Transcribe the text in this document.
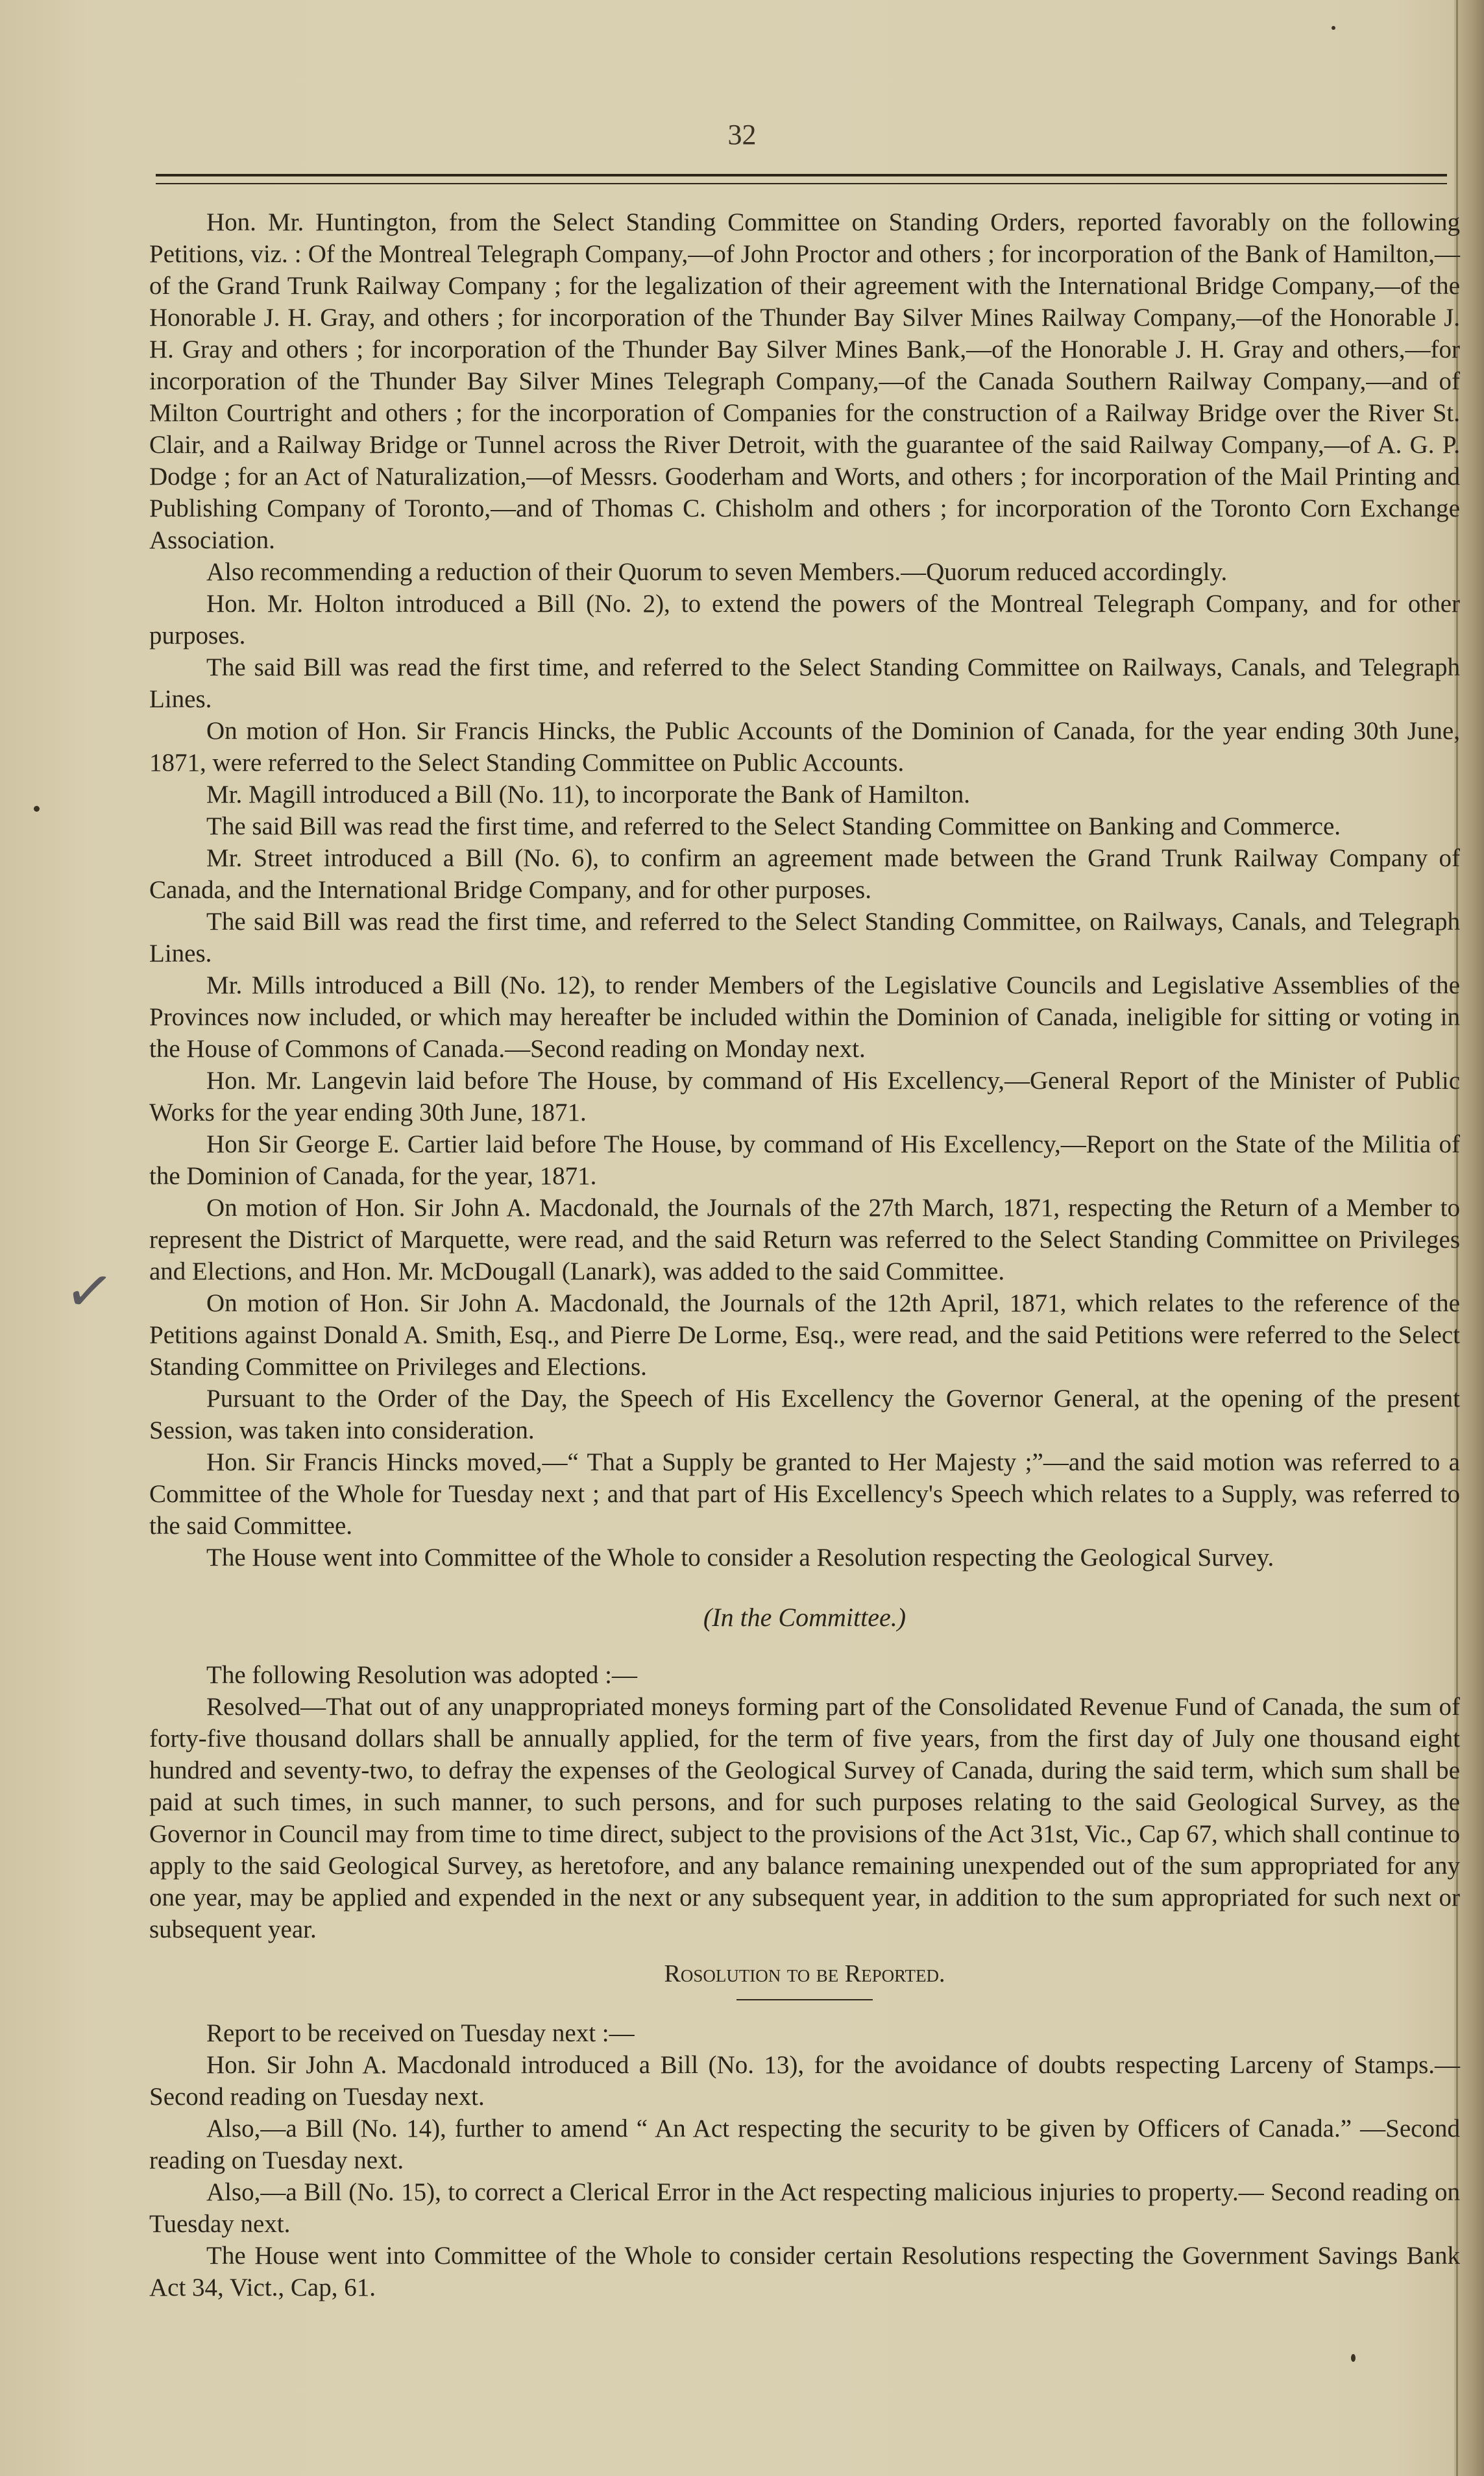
32
✓

Hon. Mr. Huntington, from the Select Standing Committee on Standing Orders, reported favorably on the following Petitions, viz. : Of the Montreal Telegraph Company,—of John Proctor and others ; for incorporation of the Bank of Hamilton,—of the Grand Trunk Railway Company ; for the legalization of their agreement with the International Bridge Company,—of the Honorable J. H. Gray, and others ; for incorporation of the Thunder Bay Silver Mines Railway Company,—of the Honorable J. H. Gray and others ; for incorporation of the Thunder Bay Silver Mines Bank,—of the Honorable J. H. Gray and others,—for incorporation of the Thunder Bay Silver Mines Telegraph Company,—of the Canada Southern Railway Company,—and of Milton Courtright and others ; for the incorporation of Companies for the construction of a Railway Bridge over the River St. Clair, and a Railway Bridge or Tunnel across the River Detroit, with the guarantee of the said Railway Company,—of A. G. P. Dodge ; for an Act of Naturalization,—of Messrs. Gooderham and Worts, and others ; for incorporation of the Mail Printing and Publishing Company of Toronto,—and of Thomas C. Chisholm and others ; for incorporation of the Toronto Corn Exchange Association.

Also recommending a reduction of their Quorum to seven Members.—Quorum reduced accordingly.

Hon. Mr. Holton introduced a Bill (No. 2), to extend the powers of the Montreal Telegraph Company, and for other purposes.

The said Bill was read the first time, and referred to the Select Standing Committee on Railways, Canals, and Telegraph Lines.

On motion of Hon. Sir Francis Hincks, the Public Accounts of the Dominion of Canada, for the year ending 30th June, 1871, were referred to the Select Standing Committee on Public Accounts.

Mr. Magill introduced a Bill (No. 11), to incorporate the Bank of Hamilton.

The said Bill was read the first time, and referred to the Select Standing Committee on Banking and Commerce.

Mr. Street introduced a Bill (No. 6), to confirm an agreement made between the Grand Trunk Railway Company of Canada, and the International Bridge Company, and for other purposes.

The said Bill was read the first time, and referred to the Select Standing Committee, on Railways, Canals, and Telegraph Lines.

Mr. Mills introduced a Bill (No. 12), to render Members of the Legislative Councils and Legislative Assemblies of the Provinces now included, or which may hereafter be included within the Dominion of Canada, ineligible for sitting or voting in the House of Commons of Canada.—Second reading on Monday next.

Hon. Mr. Langevin laid before The House, by command of His Excellency,—General Report of the Minister of Public Works for the year ending 30th June, 1871.

Hon Sir George E. Cartier laid before The House, by command of His Excellency,—Report on the State of the Militia of the Dominion of Canada, for the year, 1871.

On motion of Hon. Sir John A. Macdonald, the Journals of the 27th March, 1871, respecting the Return of a Member to represent the District of Marquette, were read, and the said Return was referred to the Select Standing Committee on Privileges and Elections, and Hon. Mr. McDougall (Lanark), was added to the said Committee.

On motion of Hon. Sir John A. Macdonald, the Journals of the 12th April, 1871, which relates to the reference of the Petitions against Donald A. Smith, Esq., and Pierre De Lorme, Esq., were read, and the said Petitions were referred to the Select Standing Committee on Privileges and Elections.

Pursuant to the Order of the Day, the Speech of His Excellency the Governor General, at the opening of the present Session, was taken into consideration.

Hon. Sir Francis Hincks moved,—“ That a Supply be granted to Her Majesty ;”—and the said motion was referred to a Committee of the Whole for Tuesday next ; and that part of His Excellency's Speech which relates to a Supply, was referred to the said Committee.

The House went into Committee of the Whole to consider a Resolution respecting the Geological Survey.

(In the Committee.)

The following Resolution was adopted :—

Resolved—That out of any unappropriated moneys forming part of the Consolidated Revenue Fund of Canada, the sum of forty-five thousand dollars shall be annually applied, for the term of five years, from the first day of July one thousand eight hundred and seventy-two, to defray the expenses of the Geological Survey of Canada, during the said term, which sum shall be paid at such times, in such manner, to such persons, and for such purposes relating to the said Geological Survey, as the Governor in Council may from time to time direct, subject to the provisions of the Act 31st, Vic., Cap 67, which shall continue to apply to the said Geological Survey, as heretofore, and any balance remaining unexpended out of the sum appropriated for any one year, may be applied and expended in the next or any subsequent year, in addition to the sum appropriated for such next or subsequent year.

Rosolution to be Reported.

Report to be received on Tuesday next :—

Hon. Sir John A. Macdonald introduced a Bill (No. 13), for the avoidance of doubts respecting Larceny of Stamps.—Second reading on Tuesday next.

Also,—a Bill (No. 14), further to amend “ An Act respecting the security to be given by Officers of Canada.” —Second reading on Tuesday next.

Also,—a Bill (No. 15), to correct a Clerical Error in the Act respecting malicious injuries to property.— Second reading on Tuesday next.

The House went into Committee of the Whole to consider certain Resolutions respecting the Government Savings Bank Act 34, Vict., Cap, 61.
